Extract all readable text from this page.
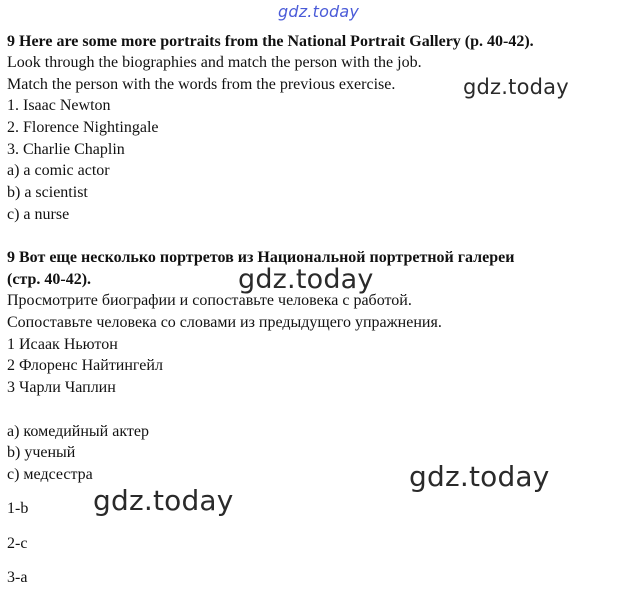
gdz.today
9 Here are some more portraits from the National Portrait Gallery (p. 40-42).
Look through the biographies and match the person with the job.
Match the person with the words from the previous exercise.
1. Isaac Newton
2. Florence Nightingale
3. Charlie Chaplin
a) a comic actor
b) a scientist
c) a nurse
gdz.today
9 Вот еще несколько портретов из Национальной портретной галереи
(стр. 40-42).
Просмотрите биографии и сопоставьте человека с работой.
Сопоставьте человека со словами из предыдущего упражнения.
1 Исаак Ньютон
2 Флоренс Найтингейл
3 Чарли Чаплин
а) комедийный актер
b) ученый
с) медсестра
gdz.today
gdz.today
gdz.today
1-b
2-c
3-a
